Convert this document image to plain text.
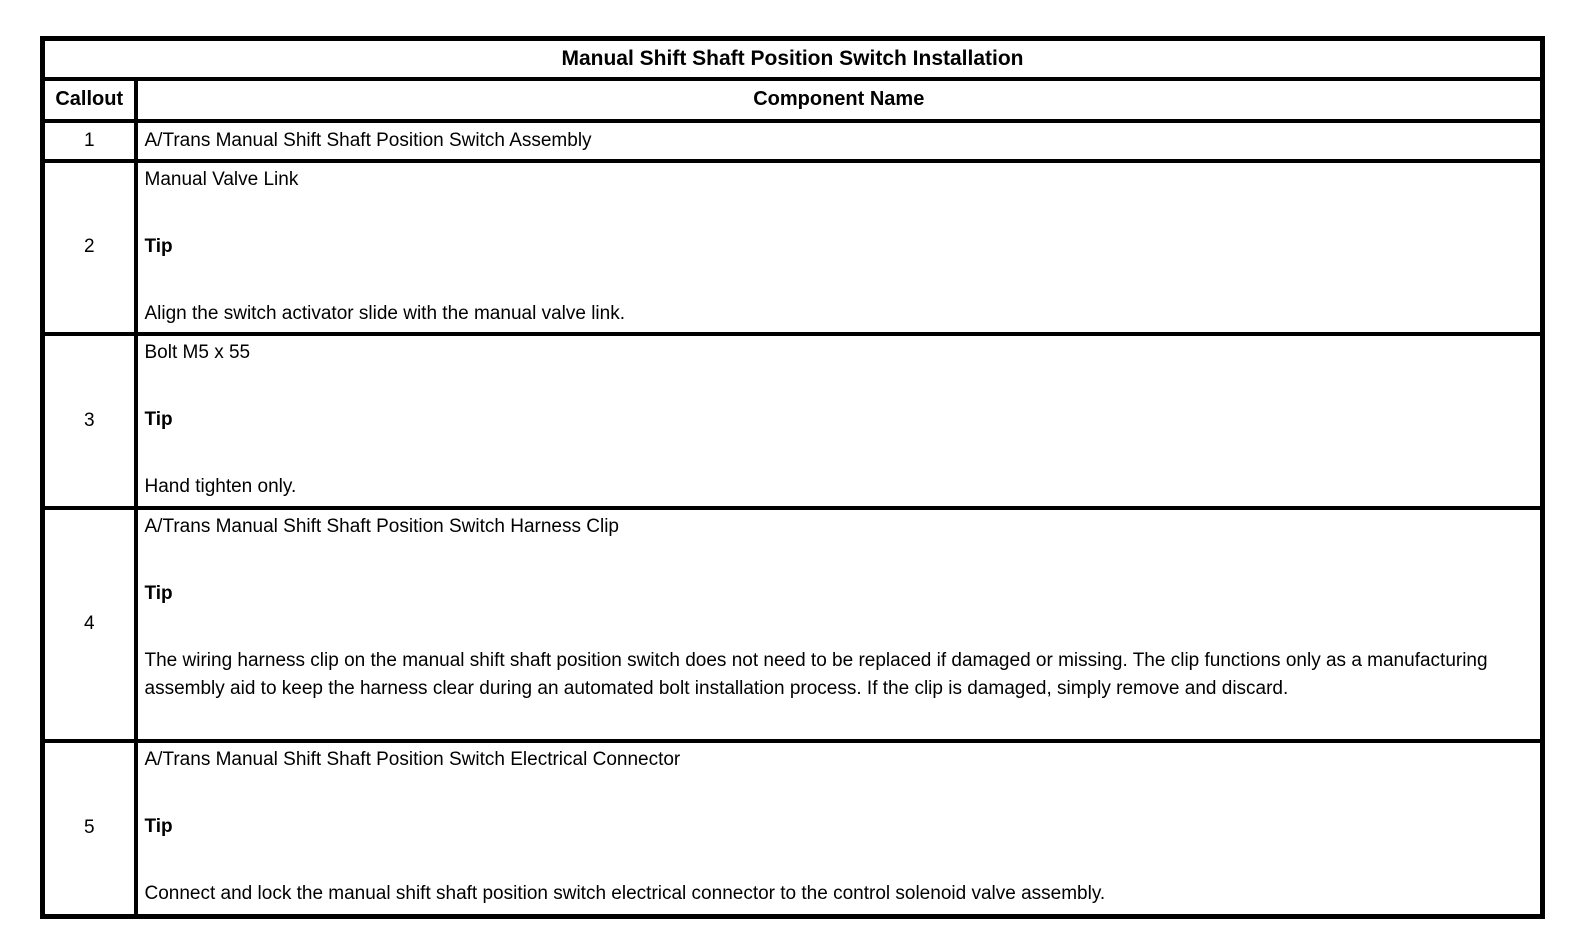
Manual Shift Shaft Position Switch Installation	
Callout	Component Name
1	A/Trans Manual Shift Shaft Position Switch Assembly

2	Manual Valve Link

Tip

Align the switch activator slide with the manual valve link.

3	Bolt M5 x 55

Tip

Hand tighten only.

4	A/Trans Manual Shift Shaft Position Switch Harness Clip

Tip

The wiring harness clip on the manual shift shaft position switch does not need to be replaced if damaged or missing. The clip functions only as a manufacturing assembly aid to keep the harness clear during an automated bolt installation process. If the clip is damaged, simply remove and discard.

5	A/Trans Manual Shift Shaft Position Switch Electrical Connector

Tip

Connect and lock the manual shift shaft position switch electrical connector to the control solenoid valve assembly.
